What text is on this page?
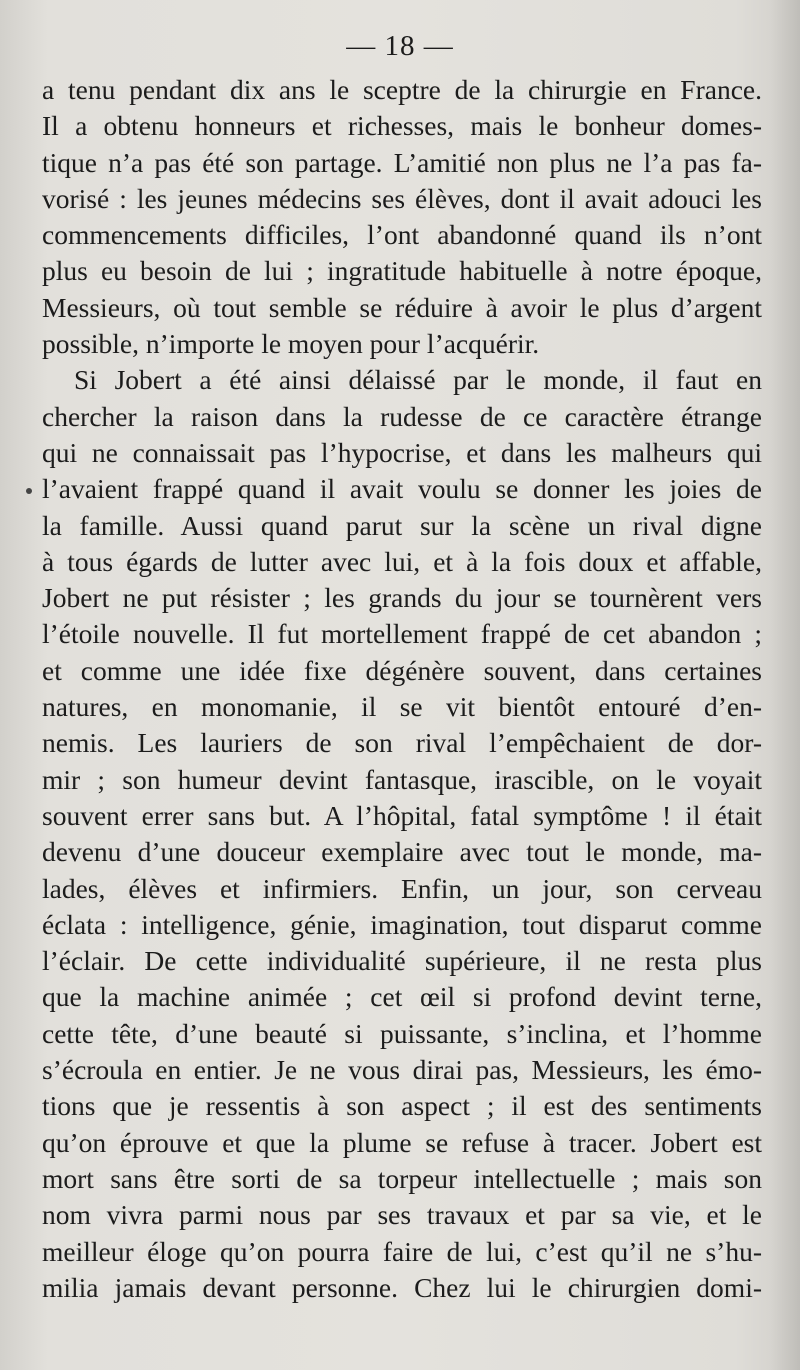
— 18 —
a tenu pendant dix ans le sceptre de la chirurgie en France.
Il a obtenu honneurs et richesses, mais le bonheur domes-
tique n’a pas été son partage. L’amitié non plus ne l’a pas fa-
vorisé : les jeunes médecins ses élèves, dont il avait adouci les
commencements difficiles, l’ont abandonné quand ils n’ont
plus eu besoin de lui ; ingratitude habituelle à notre époque,
Messieurs, où tout semble se réduire à avoir le plus d’argent
possible, n’importe le moyen pour l’acquérir.
Si Jobert a été ainsi délaissé par le monde, il faut en
chercher la raison dans la rudesse de ce caractère étrange
qui ne connaissait pas l’hypocrise, et dans les malheurs qui
l’avaient frappé quand il avait voulu se donner les joies de
la famille. Aussi quand parut sur la scène un rival digne
à tous égards de lutter avec lui, et à la fois doux et affable,
Jobert ne put résister ; les grands du jour se tournèrent vers
l’étoile nouvelle. Il fut mortellement frappé de cet abandon ;
et comme une idée fixe dégénère souvent, dans certaines
natures, en monomanie, il se vit bientôt entouré d’en-
nemis. Les lauriers de son rival l’empêchaient de dor-
mir ; son humeur devint fantasque, irascible, on le voyait
souvent errer sans but. A l’hôpital, fatal symptôme ! il était
devenu d’une douceur exemplaire avec tout le monde, ma-
lades, élèves et infirmiers. Enfin, un jour, son cerveau
éclata : intelligence, génie, imagination, tout disparut comme
l’éclair. De cette individualité supérieure, il ne resta plus
que la machine animée ; cet œil si profond devint terne,
cette tête, d’une beauté si puissante, s’inclina, et l’homme
s’écroula en entier. Je ne vous dirai pas, Messieurs, les émo-
tions que je ressentis à son aspect ; il est des sentiments
qu’on éprouve et que la plume se refuse à tracer. Jobert est
mort sans être sorti de sa torpeur intellectuelle ; mais son
nom vivra parmi nous par ses travaux et par sa vie, et le
meilleur éloge qu’on pourra faire de lui, c’est qu’il ne s’hu-
milia jamais devant personne. Chez lui le chirurgien domi-
